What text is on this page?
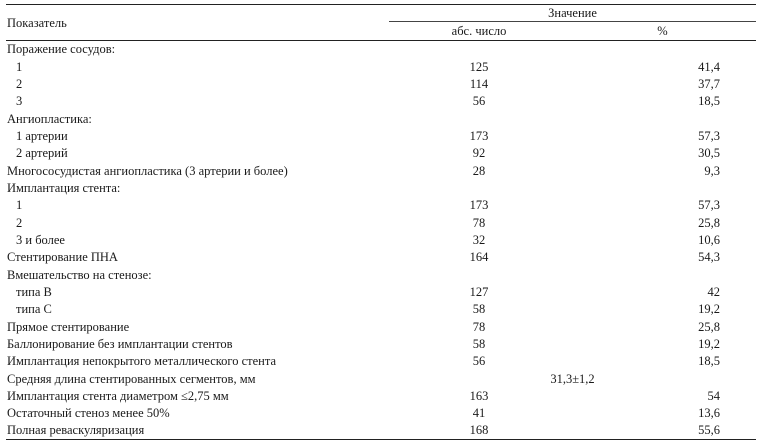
Показатель	Значение	
	абс. число	%
Поражение сосудов:		
1	125	41,4
2	114	37,7
3	56	18,5
Ангиопластика:		
1 артерии	173	57,3
2 артерий	92	30,5
Многососудистая ангиопластика (3 артерии и более)	28	9,3
Имплантация стента:		
1	173	57,3
2	78	25,8
3 и более	32	10,6
Стентирование ПНА	164	54,3
Вмешательство на стенозе:		
типа В	127	42
типа С	58	19,2
Прямое стентирование	78	25,8
Баллонирование без имплантации стентов	58	19,2
Имплантация непокрытого металлического стента	56	18,5
Средняя длина стентированных сегментов, мм	31,3±1,2	
Имплантация стента диаметром ≤2,75 мм	163	54
Остаточный стеноз менее 50%	41	13,6
Полная реваскуляризация	168	55,6
